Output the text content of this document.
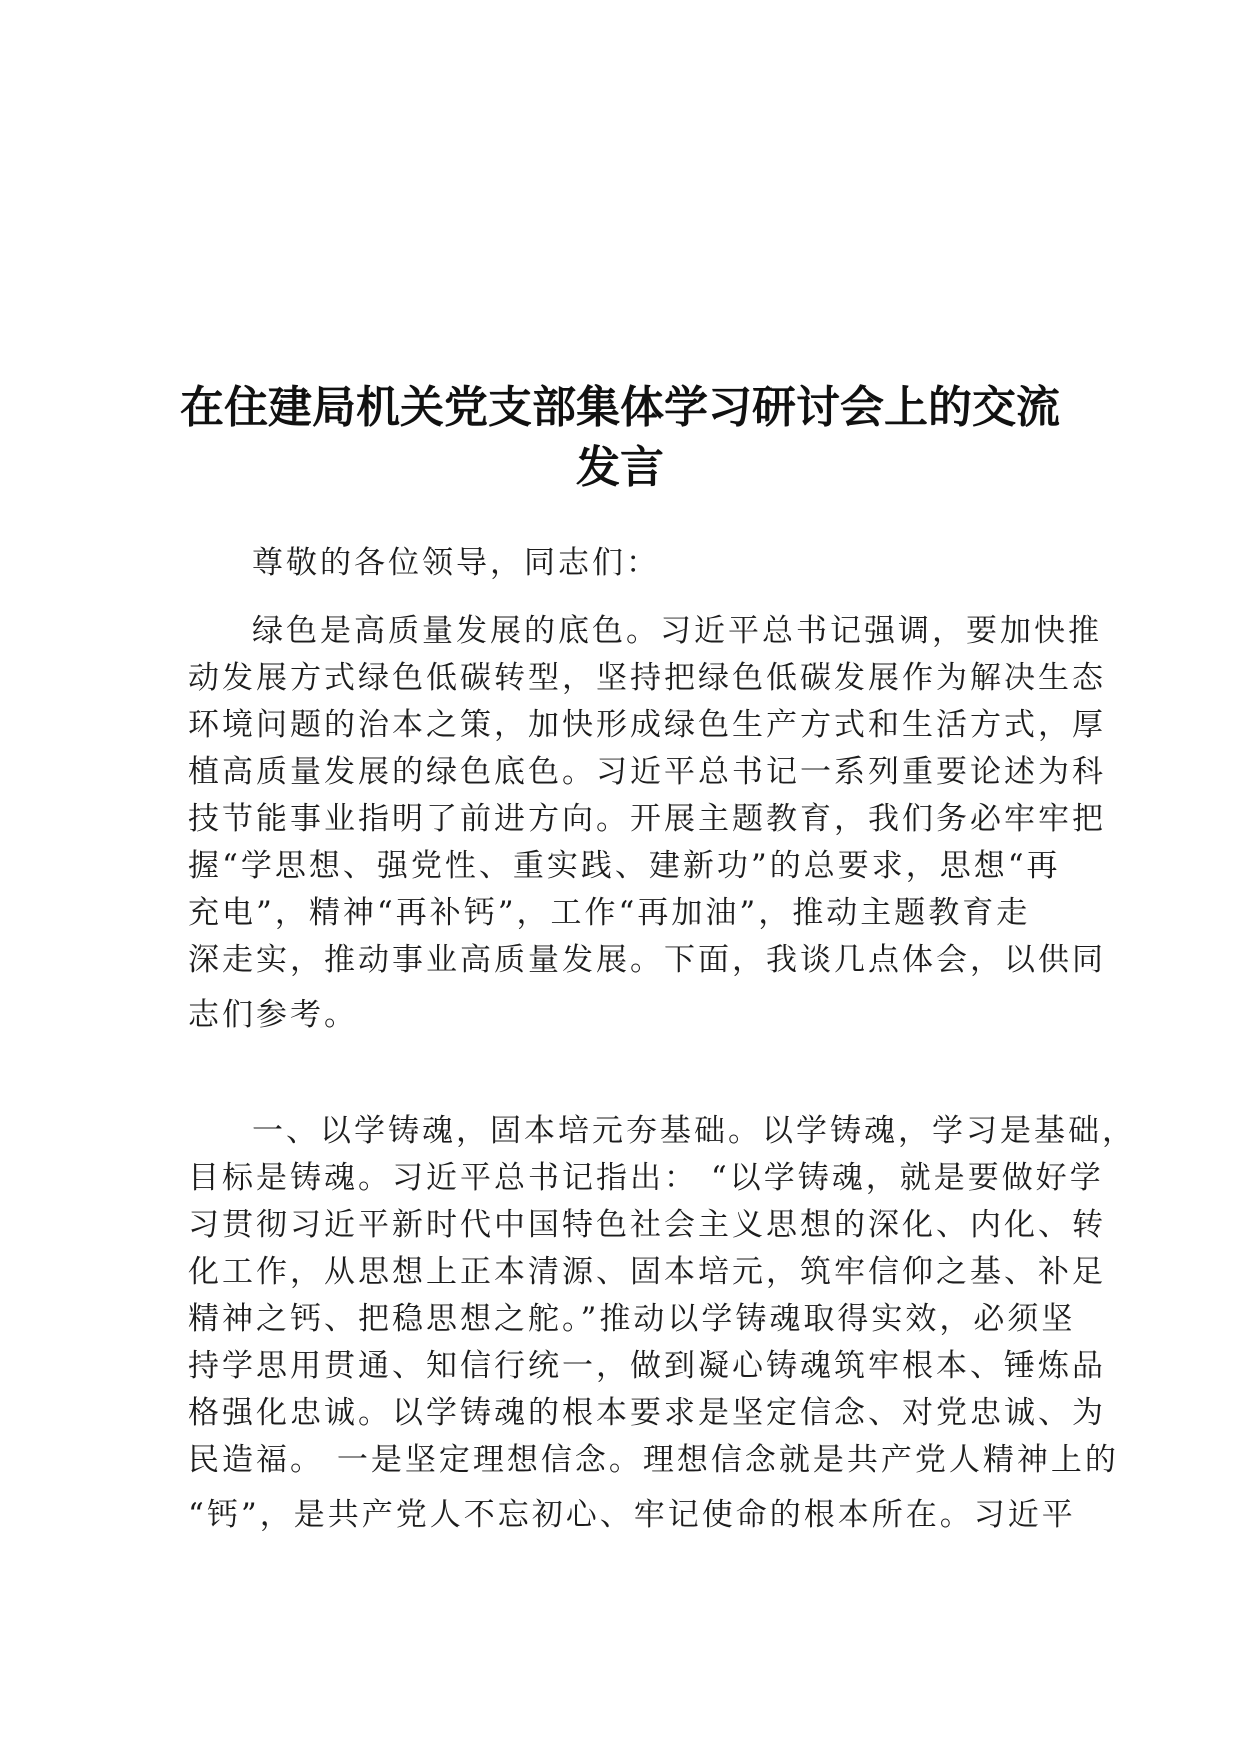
在住建局机关党支部集体学习研讨会上的交流
发言
尊敬的各位领导，同志们：
绿色是高质量发展的底色。习近平总书记强调，要加快推
动发展方式绿色低碳转型，坚持把绿色低碳发展作为解决生态
环境问题的治本之策，加快形成绿色生产方式和生活方式，厚
植高质量发展的绿色底色。习近平总书记一系列重要论述为科
技节能事业指明了前进方向。开展主题教育，我们务必牢牢把
握“学思想、强党性、重实践、建新功”的总要求，思想“再
充电”，精神“再补钙”，工作“再加油”，推动主题教育走
深走实，推动事业高质量发展。下面，我谈几点体会，以供同
志们参考。
一、以学铸魂，固本培元夯基础。以学铸魂，学习是基础，
目标是铸魂。习近平总书记指出： “以学铸魂，就是要做好学
习贯彻习近平新时代中国特色社会主义思想的深化、内化、转
化工作，从思想上正本清源、固本培元，筑牢信仰之基、补足
精神之钙、把稳思想之舵。”推动以学铸魂取得实效，必须坚
持学思用贯通、知信行统一，做到凝心铸魂筑牢根本、锤炼品
格强化忠诚。以学铸魂的根本要求是坚定信念、对党忠诚、为
民造福。 一是坚定理想信念。理想信念就是共产党人精神上的
“钙”，是共产党人不忘初心、牢记使命的根本所在。习近平
